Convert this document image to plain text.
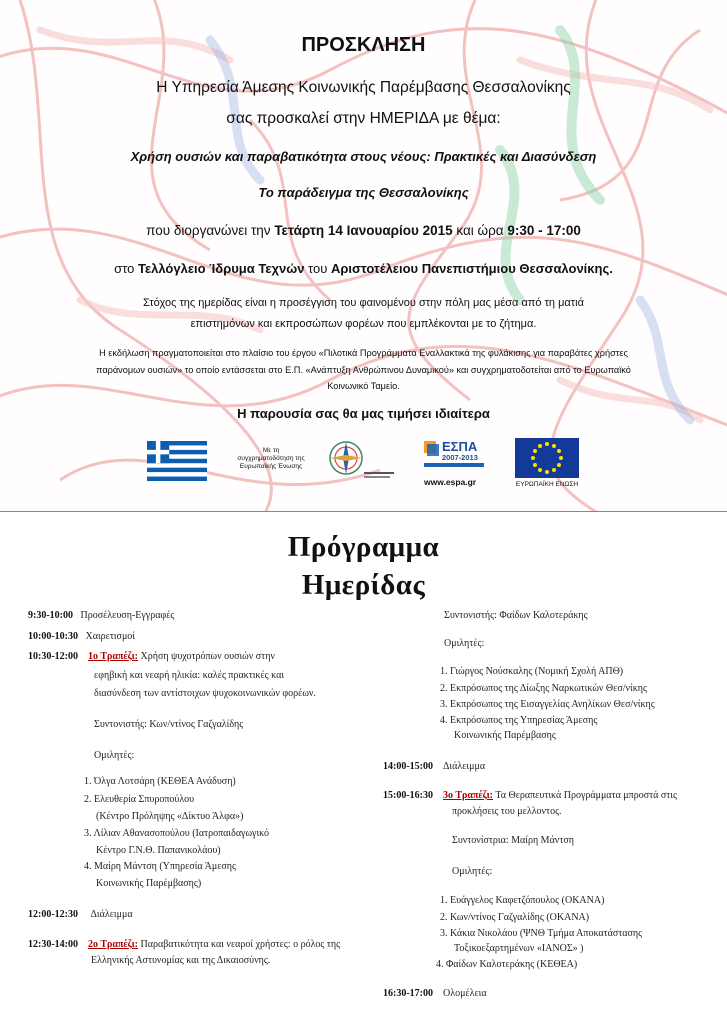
ΠΡΟΣΚΛΗΣΗ
Η Υπηρεσία Άμεσης Κοινωνικής Παρέμβασης Θεσσαλονίκης
σας προσκαλεί στην ΗΜΕΡΙΔΑ με θέμα:
Χρήση ουσιών και παραβατικότητα στους νέους: Πρακτικές και Διασύνδεση
Το παράδειγμα της Θεσσαλονίκης
που διοργανώνει την Τετάρτη 14 Ιανουαρίου 2015 και ώρα 9:30 - 17:00
στο Τελλόγλειο Ίδρυμα Τεχνών του Αριστοτέλειου Πανεπιστήμιου Θεσσαλονίκης.
Στόχος της ημερίδας είναι η προσέγγιση του φαινομένου στην πόλη μας μέσα από τη ματιά
επιστημόνων και εκπροσώπων φορέων που εμπλέκονται με το ζήτημα.
Η εκδήλωση πραγματοποιείται στο πλαίσιο του έργου «Πιλοτικά Προγράμματα Εναλλακτικά της φυλάκισης για παραβάτες χρήστες
παράνομων ουσιών» το οποίο εντάσσεται στο Ε.Π. «Ανάπτυξη Ανθρώπινου Δυναμικού» και συγχρηματοδοτείται από το Ευρωπαϊκό
Κοινωνικό Ταμείο.
Η παρουσία σας θα μας τιμήσει ιδιαίτερα
Με τη
συγχρηματοδότηση της
Ευρωπαϊκής Ένωσης
ΕΣΠΑ
2007-2013
www.espa.gr	ΕΥΡΩΠΑΪΚΗ ΕΝΩΣΗ
Πρόγραμμα
Ημερίδας
9:30-10:00 Προσέλευση-Εγγραφές
10:00-10:30 Χαιρετισμοί
10:30-12:00 1ο Τραπέζι: Χρήση ψυχοτρόπων ουσιών στην
εφηβική και νεαρή ηλικία: καλές πρακτικές και
διασύνδεση των αντίστοιχων ψυχοκοινωνικών φορέων.
Συντονιστής: Κων/ντίνος Γαζγαλίδης
Ομιλητές:
1. Όλγα Λοτσάρη (ΚΕΘΕΑ Ανάδυση)
2. Ελευθερία Σπυροπούλου
(Κέντρο Πρόληψης «Δίκτυο Άλφα»)
3. Λίλιαν Αθανασοπούλου (Ιατροπαιδαγωγικό
Κέντρο Γ.Ν.Θ. Παπανικολάου)
4. Μαίρη Μάντση (Υπηρεσία Άμεσης
Κοινωνικής Παρέμβασης)
12:00-12:30 Διάλειμμα
12:30-14:00 2ο Τραπέζι: Παραβατικότητα και νεαροί χρήστες: ο ρόλος της
Ελληνικής Αστυνομίας και της Δικαιοσύνης.
Συντονιστής: Φαίδων Καλοτεράκης
Ομιλητές:
1. Γιώργος Νούσκαλης (Νομική Σχολή ΑΠΘ)
2. Εκπρόσωπος της Δίωξης Ναρκωτικών Θεσ/νίκης
3. Εκπρόσωπος της Εισαγγελίας Ανηλίκων Θεσ/νίκης
4. Εκπρόσωπος της Υπηρεσίας Άμεσης
Κοινωνικής Παρέμβασης
14:00-15:00 Διάλειμμα
15:00-16:30 3ο Τραπέζι: Τα Θεραπευτικά Προγράμματα μπροστά στις
προκλήσεις του μελλοντος.
Συντονίστρια: Μαίρη Μάντση
Ομιλητές:
1. Ευάγγελος Καφετζόπουλος (ΟΚΑΝΑ)
2. Κων/ντίνος Γαζγαλίδης (ΟΚΑΝΑ)
3. Κάκια Νικολάου (ΨΝΘ Τμήμα Αποκατάστασης
Τοξικοεξαρτημένων «ΙΑΝΟΣ» )
4. Φαίδων Καλοτεράκης (ΚΕΘΕΑ)
16:30-17:00 Ολομέλεια
